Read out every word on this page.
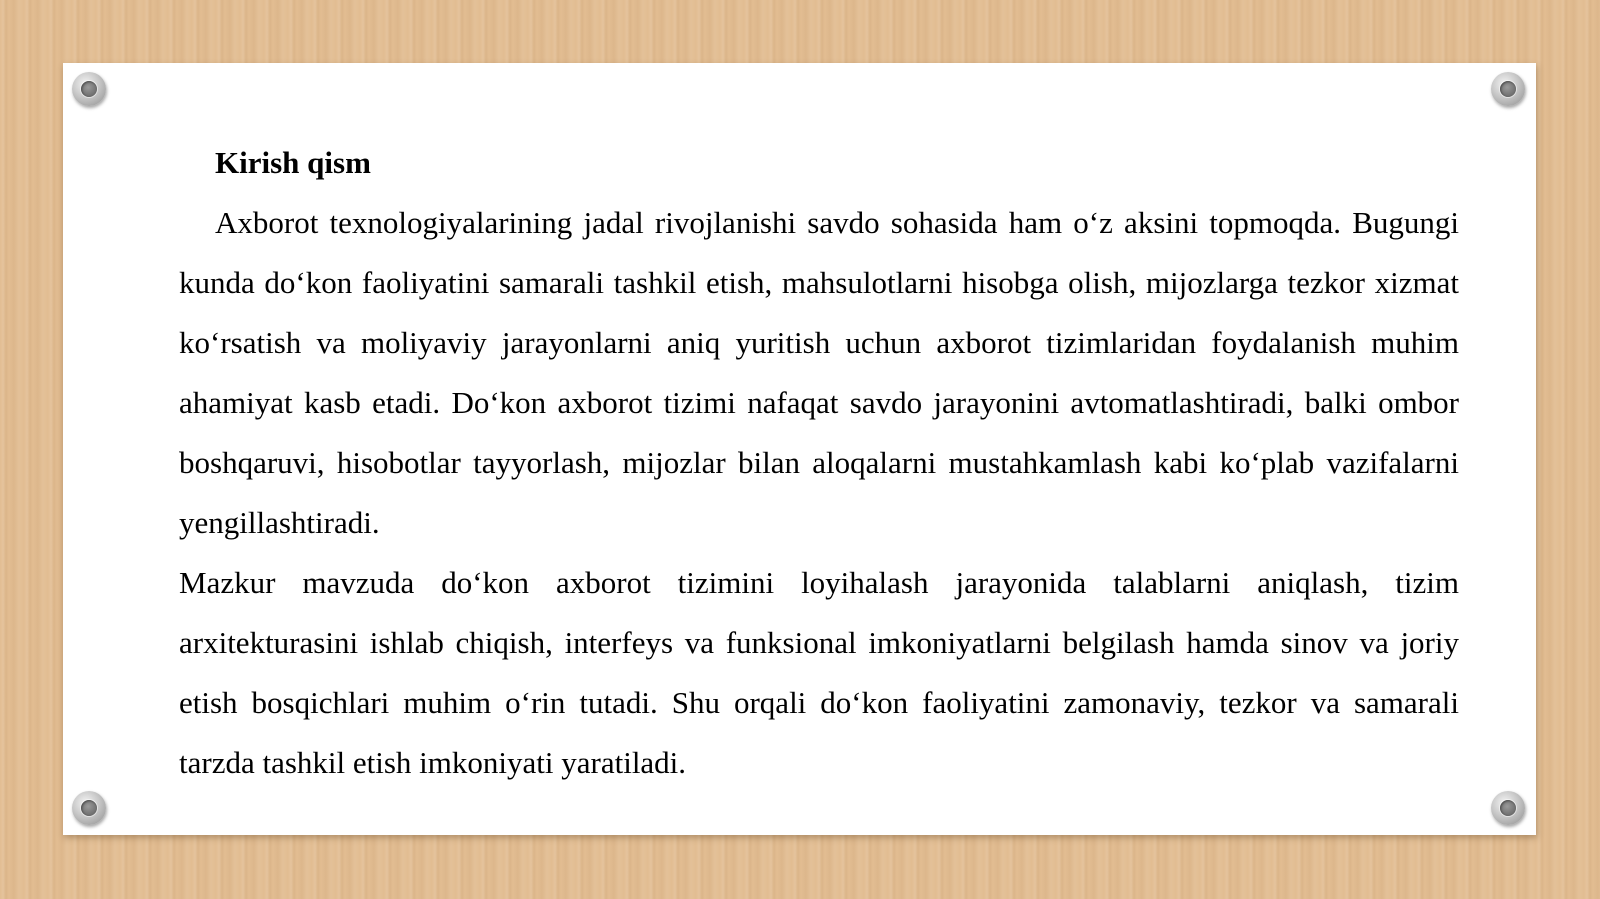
Kirish qism

Axborot texnologiyalarining jadal rivojlanishi savdo sohasida ham o‘z aksini topmoqda. Bugungi kunda do‘kon faoliyatini samarali tashkil etish, mahsulotlarni hisobga olish, mijozlarga tezkor xizmat ko‘rsatish va moliyaviy jarayonlarni aniq yuritish uchun axborot tizimlaridan foydalanish muhim ahamiyat kasb etadi. Do‘kon axborot tizimi nafaqat savdo jarayonini avtomatlashtiradi, balki ombor boshqaruvi, hisobotlar tayyorlash, mijozlar bilan aloqalarni mustahkamlash kabi ko‘plab vazifalarni yengillashtiradi.

Mazkur mavzuda do‘kon axborot tizimini loyihalash jarayonida talablarni aniqlash, tizim arxitekturasini ishlab chiqish, interfeys va funksional imkoniyatlarni belgilash hamda sinov va joriy etish bosqichlari muhim o‘rin tutadi. Shu orqali do‘kon faoliyatini zamonaviy, tezkor va samarali tarzda tashkil etish imkoniyati yaratiladi.
